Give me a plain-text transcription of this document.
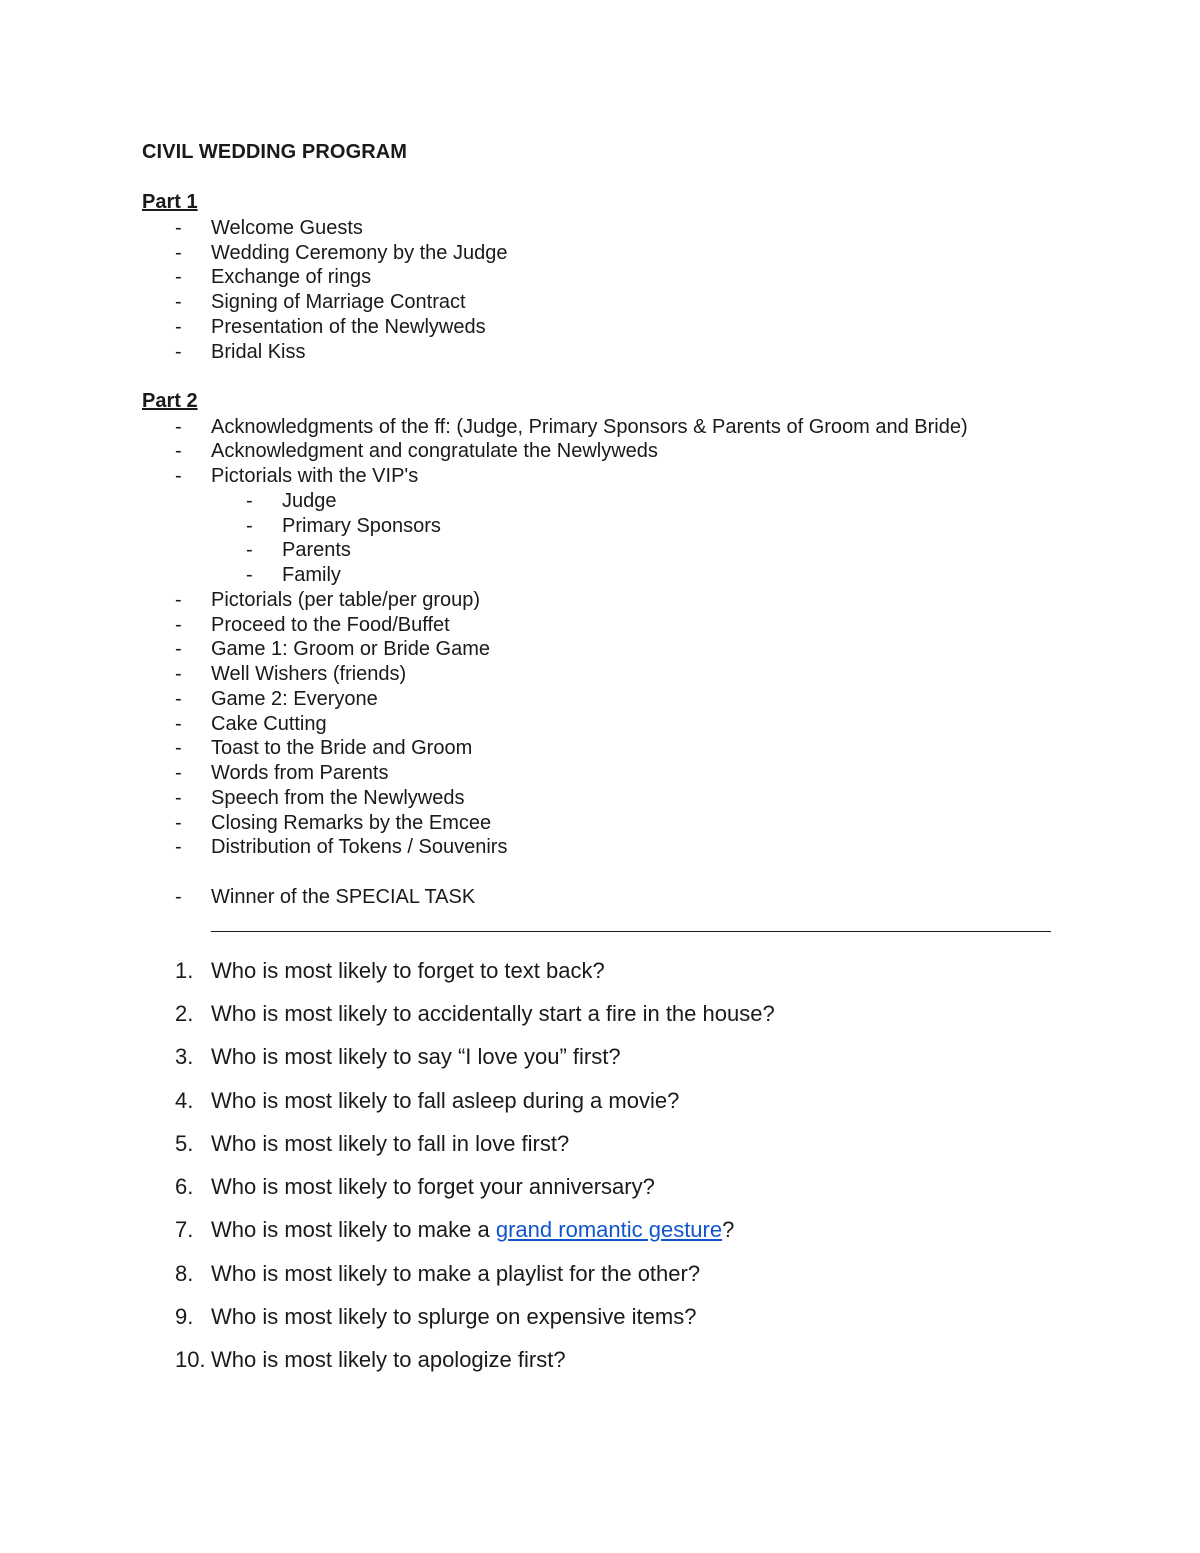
CIVIL WEDDING PROGRAM
Part 1
-	Welcome Guests
-	Wedding Ceremony by the Judge
-	Exchange of rings
-	Signing of Marriage Contract
-	Presentation of the Newlyweds
-	Bridal Kiss
Part 2
-	Acknowledgments of the ff: (Judge, Primary Sponsors & Parents of Groom and Bride)
-	Acknowledgment and congratulate the Newlyweds
-	Pictorials with the VIP's
-	Judge
-	Primary Sponsors
-	Parents
-	Family
-	Pictorials (per table/per group)
-	Proceed to the Food/Buffet
-	Game 1: Groom or Bride Game
-	Well Wishers (friends)
-	Game 2: Everyone
-	Cake Cutting
-	Toast to the Bride and Groom
-	Words from Parents
-	Speech from the Newlyweds
-	Closing Remarks by the Emcee
-	Distribution of Tokens / Souvenirs
-	Winner of the SPECIAL TASK
1. Who is most likely to forget to text back?
2. Who is most likely to accidentally start a fire in the house?
3. Who is most likely to say “I love you” first?
4. Who is most likely to fall asleep during a movie?
5. Who is most likely to fall in love first?
6. Who is most likely to forget your anniversary?
7. Who is most likely to make a grand romantic gesture?
8. Who is most likely to make a playlist for the other?
9. Who is most likely to splurge on expensive items?
10. Who is most likely to apologize first?
